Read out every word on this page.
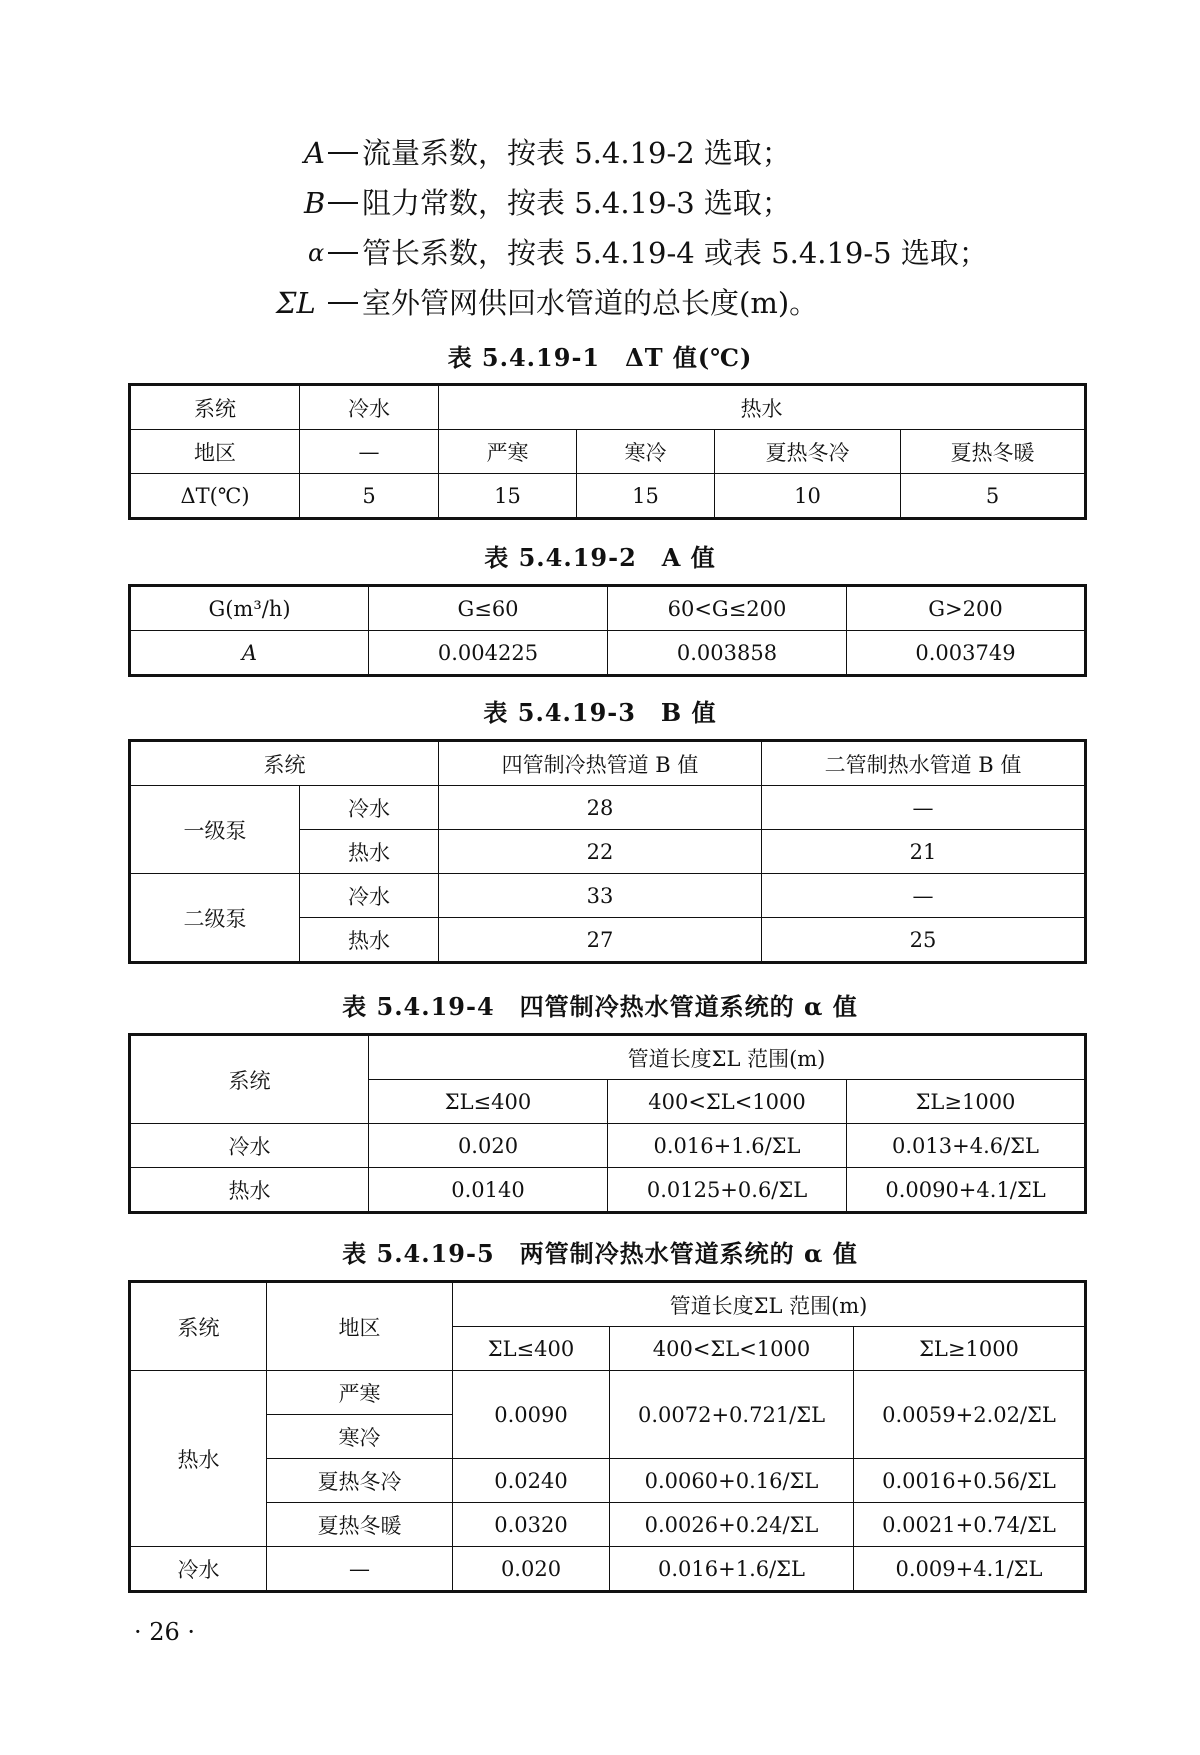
A 流量系数，按表 5.4.19-2 选取；
B 阻力常数，按表 5.4.19-3 选取；
α 管长系数，按表 5.4.19-4 或表 5.4.19-5 选取；
ΣL 室外管网供回水管道的总长度(m)。
表 5.4.19-1　ΔT 值(℃)
系统	冷水	热水			
地区	—	严寒	寒冷	夏热冬冷	夏热冬暖
ΔT(℃)	5	15	15	10	5
表 5.4.19-2　A 值
G(m³/h)	G≤60	60<G≤200	G>200
A	0.004225	0.003858	0.003749
表 5.4.19-3　B 值
系统		四管制冷热管道 B 值	二管制热水管道 B 值
一级泵	冷水	28	—
	热水	22	21
二级泵	冷水	33	—
	热水	27	25
表 5.4.19-4　四管制冷热水管道系统的 α 值
系统	管道长度ΣL 范围(m)		
	ΣL≤400	400<ΣL<1000	ΣL≥1000
冷水	0.020	0.016+1.6/ΣL	0.013+4.6/ΣL
热水	0.0140	0.0125+0.6/ΣL	0.0090+4.1/ΣL
表 5.4.19-5　两管制冷热水管道系统的 α 值
系统	地区	管道长度ΣL 范围(m)		
		ΣL≤400	400<ΣL<1000	ΣL≥1000
热水	严寒	0.0090	0.0072+0.721/ΣL	0.0059+2.02/ΣL
	寒冷			
	夏热冬冷	0.0240	0.0060+0.16/ΣL	0.0016+0.56/ΣL
	夏热冬暖	0.0320	0.0026+0.24/ΣL	0.0021+0.74/ΣL
冷水	—	0.020	0.016+1.6/ΣL	0.009+4.1/ΣL
· 26 ·
